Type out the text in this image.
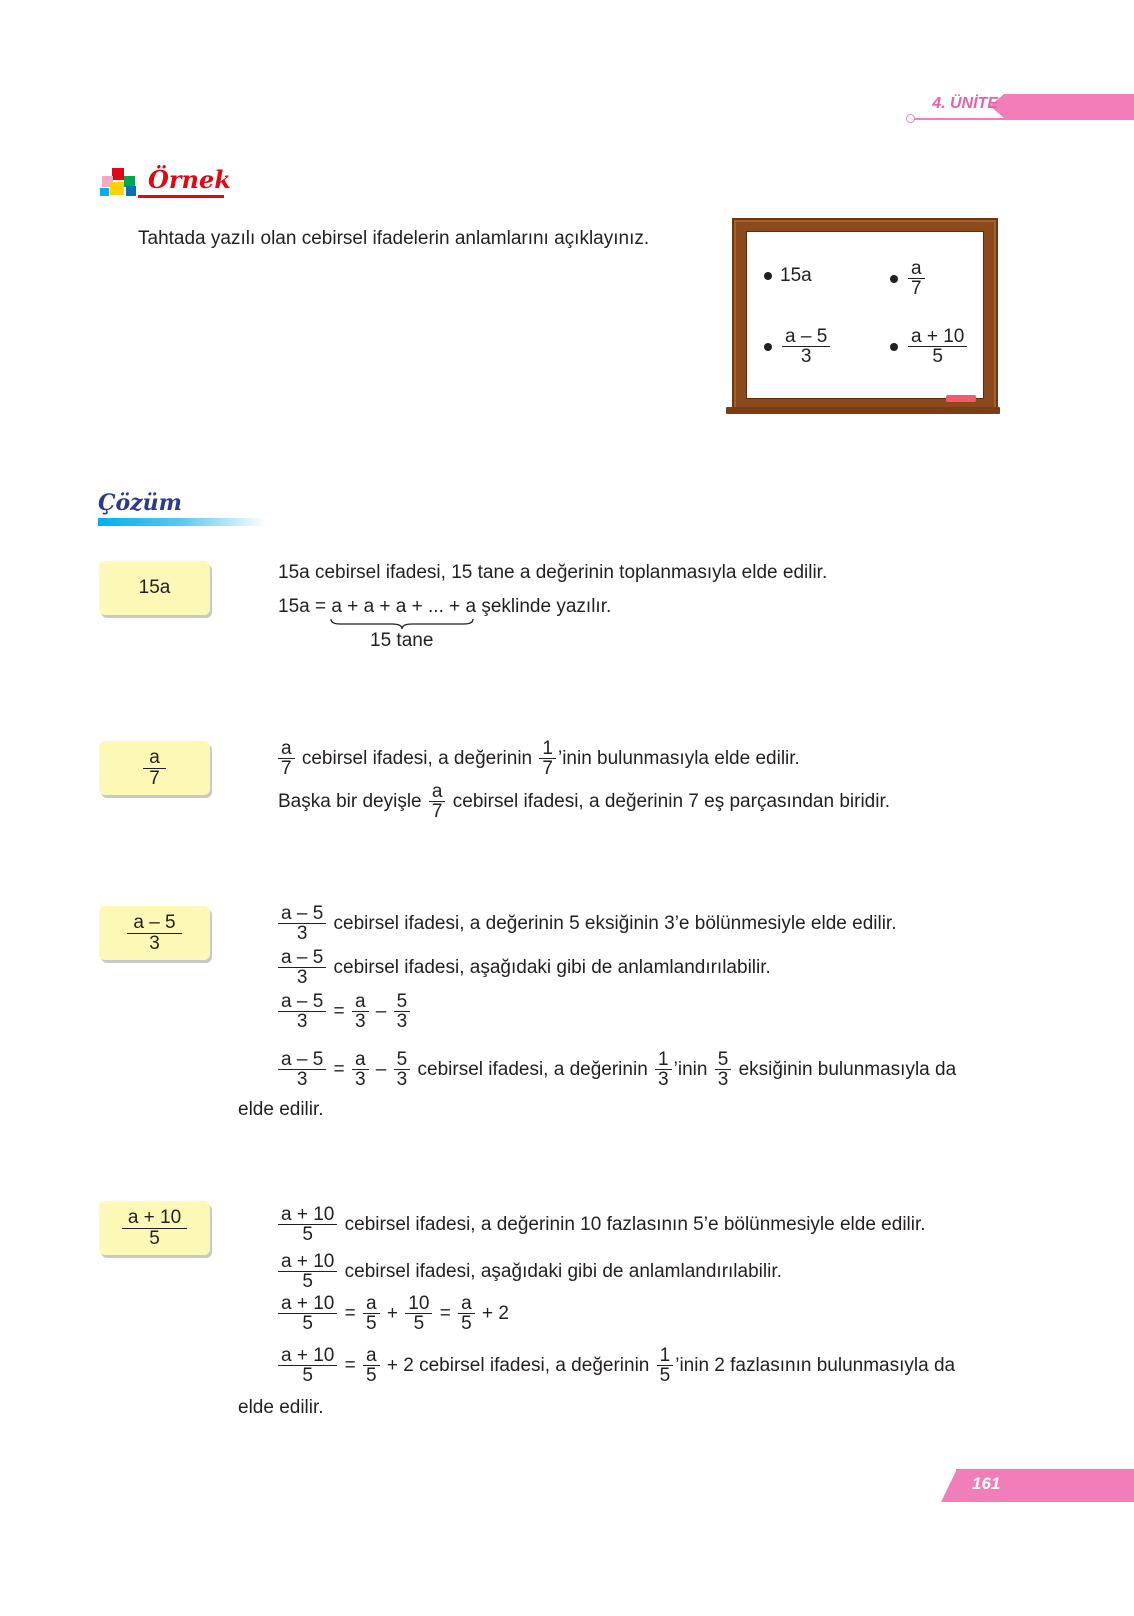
4. ÜNİTE
Örnek
Tahtada yazılı olan cebirsel ifadelerin anlamlarını açıklayınız.
15a	$\frac{a}{7}$
$\frac{a - 5}{3}$	$\frac{a + 10}{5}$
Çözüm
15a
15a cebirsel ifadesi, 15 tane a değerinin toplanmasıyla elde edilir.
15a = a + a + a + ... + a şeklinde yazılır.
15 tane
$\frac{a}{7}$	$\frac{a}{7}$ cebirsel ifadesi, a değerinin $\frac{1}{7}$ ’inin bulunmasıyla elde edilir.
Başka bir deyişle $\frac{a}{7}$ cebirsel ifadesi, a değerinin 7 eş parçasından biridir.
$\frac{a - 5}{3}$	$\frac{a - 5}{3}$ cebirsel ifadesi, a değerinin 5 eksiğinin 3’e bölünmesiyle elde edilir.
$\frac{a - 5}{3}$ cebirsel ifadesi, aşağıdaki gibi de anlamlandırılabilir.
$\frac{a - 5}{3} = \frac{a}{3} - \frac{5}{3}$
$\frac{a - 5}{3} = \frac{a}{3} - \frac{5}{3}$ cebirsel ifadesi, a değerinin $\frac{1}{3}$ ’inin $\frac{5}{3}$ eksiğinin bulunmasıyla da
elde edilir.
$\frac{a + 10}{5}$	$\frac{a + 10}{5}$ cebirsel ifadesi, a değerinin 10 fazlasının 5’e bölünmesiyle elde edilir.
$\frac{a + 10}{5}$ cebirsel ifadesi, aşağıdaki gibi de anlamlandırılabilir.
$\frac{a + 10}{5} = \frac{a}{5} + \frac{10}{5} = \frac{a}{5} + 2$
$\frac{a + 10}{5} = \frac{a}{5} + 2$ cebirsel ifadesi, a değerinin $\frac{1}{5}$ ’inin 2 fazlasının bulunmasıyla da
elde edilir.
161
